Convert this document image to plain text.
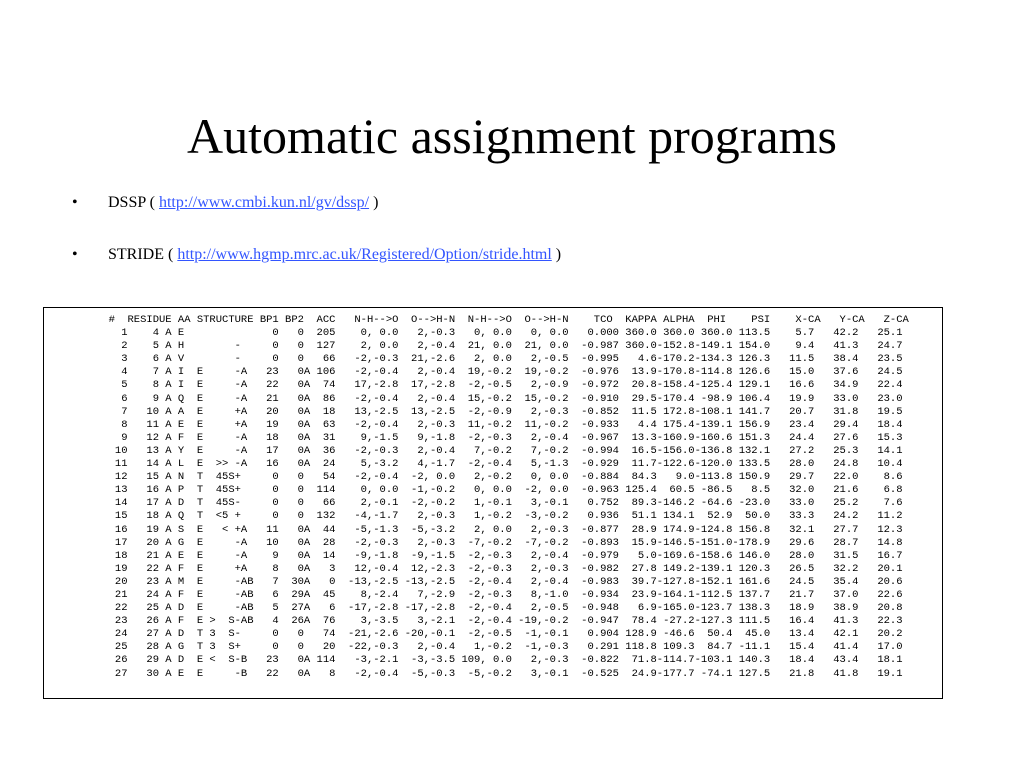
Automatic assignment programs
• DSSP ( http://www.cmbi.kun.nl/gv/dssp/ )
• STRIDE ( http://www.hgmp.mrc.ac.uk/Registered/Option/stride.html )
#  RESIDUE AA STRUCTURE BP1 BP2  ACC   N-H-->O  O-->H-N  N-H-->O  O-->H-N    TCO  KAPPA ALPHA  PHI    PSI    X-CA   Y-CA   Z-CA
1    4 A E              0   0  205    0, 0.0   2,-0.3   0, 0.0   0, 0.0   0.000 360.0 360.0 360.0 113.5    5.7   42.2   25.1
2    5 A H        -     0   0  127    2, 0.0   2,-0.4  21, 0.0  21, 0.0  -0.987 360.0-152.8-149.1 154.0    9.4   41.3   24.7
3    6 A V        -     0   0   66   -2,-0.3  21,-2.6   2, 0.0   2,-0.5  -0.995   4.6-170.2-134.3 126.3   11.5   38.4   23.5
4    7 A I  E     -A   23   0A 106   -2,-0.4   2,-0.4  19,-0.2  19,-0.2  -0.976  13.9-170.8-114.8 126.6   15.0   37.6   24.5
5    8 A I  E     -A   22   0A  74   17,-2.8  17,-2.8  -2,-0.5   2,-0.9  -0.972  20.8-158.4-125.4 129.1   16.6   34.9   22.4
6    9 A Q  E     -A   21   0A  86   -2,-0.4   2,-0.4  15,-0.2  15,-0.2  -0.910  29.5-170.4 -98.9 106.4   19.9   33.0   23.0
7   10 A A  E     +A   20   0A  18   13,-2.5  13,-2.5  -2,-0.9   2,-0.3  -0.852  11.5 172.8-108.1 141.7   20.7   31.8   19.5
8   11 A E  E     +A   19   0A  63   -2,-0.4   2,-0.3  11,-0.2  11,-0.2  -0.933   4.4 175.4-139.1 156.9   23.4   29.4   18.4
9   12 A F  E     -A   18   0A  31    9,-1.5   9,-1.8  -2,-0.3   2,-0.4  -0.967  13.3-160.9-160.6 151.3   24.4   27.6   15.3
10   13 A Y  E     -A   17   0A  36   -2,-0.3   2,-0.4   7,-0.2   7,-0.2  -0.994  16.5-156.0-136.8 132.1   27.2   25.3   14.1
11   14 A L  E  >> -A   16   0A  24    5,-3.2   4,-1.7  -2,-0.4   5,-1.3  -0.929  11.7-122.6-120.0 133.5   28.0   24.8   10.4
12   15 A N  T  45S+     0   0   54   -2,-0.4  -2, 0.0   2,-0.2   0, 0.0  -0.884  84.3   9.0-113.8 150.9   29.7   22.0    8.6
13   16 A P  T  45S+     0   0  114    0, 0.0  -1,-0.2   0, 0.0  -2, 0.0  -0.963 125.4  60.5 -86.5   8.5   32.0   21.6    6.8
14   17 A D  T  45S-     0   0   66    2,-0.1  -2,-0.2   1,-0.1   3,-0.1   0.752  89.3-146.2 -64.6 -23.0   33.0   25.2    7.6
15   18 A Q  T  <5 +     0   0  132   -4,-1.7   2,-0.3   1,-0.2  -3,-0.2   0.936  51.1 134.1  52.9  50.0   33.3   24.2   11.2
16   19 A S  E   < +A   11   0A  44   -5,-1.3  -5,-3.2   2, 0.0   2,-0.3  -0.877  28.9 174.9-124.8 156.8   32.1   27.7   12.3
17   20 A G  E     -A   10   0A  28   -2,-0.3   2,-0.3  -7,-0.2  -7,-0.2  -0.893  15.9-146.5-151.0-178.9   29.6   28.7   14.8
18   21 A E  E     -A    9   0A  14   -9,-1.8  -9,-1.5  -2,-0.3   2,-0.4  -0.979   5.0-169.6-158.6 146.0   28.0   31.5   16.7
19   22 A F  E     +A    8   0A   3   12,-0.4  12,-2.3  -2,-0.3   2,-0.3  -0.982  27.8 149.2-139.1 120.3   26.5   32.2   20.1
20   23 A M  E     -AB   7  30A   0  -13,-2.5 -13,-2.5  -2,-0.4   2,-0.4  -0.983  39.7-127.8-152.1 161.6   24.5   35.4   20.6
21   24 A F  E     -AB   6  29A  45    8,-2.4   7,-2.9  -2,-0.3   8,-1.0  -0.934  23.9-164.1-112.5 137.7   21.7   37.0   22.6
22   25 A D  E     -AB   5  27A   6  -17,-2.8 -17,-2.8  -2,-0.4   2,-0.5  -0.948   6.9-165.0-123.7 138.3   18.9   38.9   20.8
23   26 A F  E >  S-AB   4  26A  76    3,-3.5   3,-2.1  -2,-0.4 -19,-0.2  -0.947  78.4 -27.2-127.3 111.5   16.4   41.3   22.3
24   27 A D  T 3  S-     0   0   74  -21,-2.6 -20,-0.1  -2,-0.5  -1,-0.1   0.904 128.9 -46.6  50.4  45.0   13.4   42.1   20.2
25   28 A G  T 3  S+     0   0   20  -22,-0.3   2,-0.4   1,-0.2  -1,-0.3   0.291 118.8 109.3  84.7 -11.1   15.4   41.4   17.0
26   29 A D  E <  S-B   23   0A 114   -3,-2.1  -3,-3.5 109, 0.0   2,-0.3  -0.822  71.8-114.7-103.1 140.3   18.4   43.4   18.1
27   30 A E  E     -B   22   0A   8   -2,-0.4  -5,-0.3  -5,-0.2   3,-0.1  -0.525  24.9-177.7 -74.1 127.5   21.8   41.8   19.1
